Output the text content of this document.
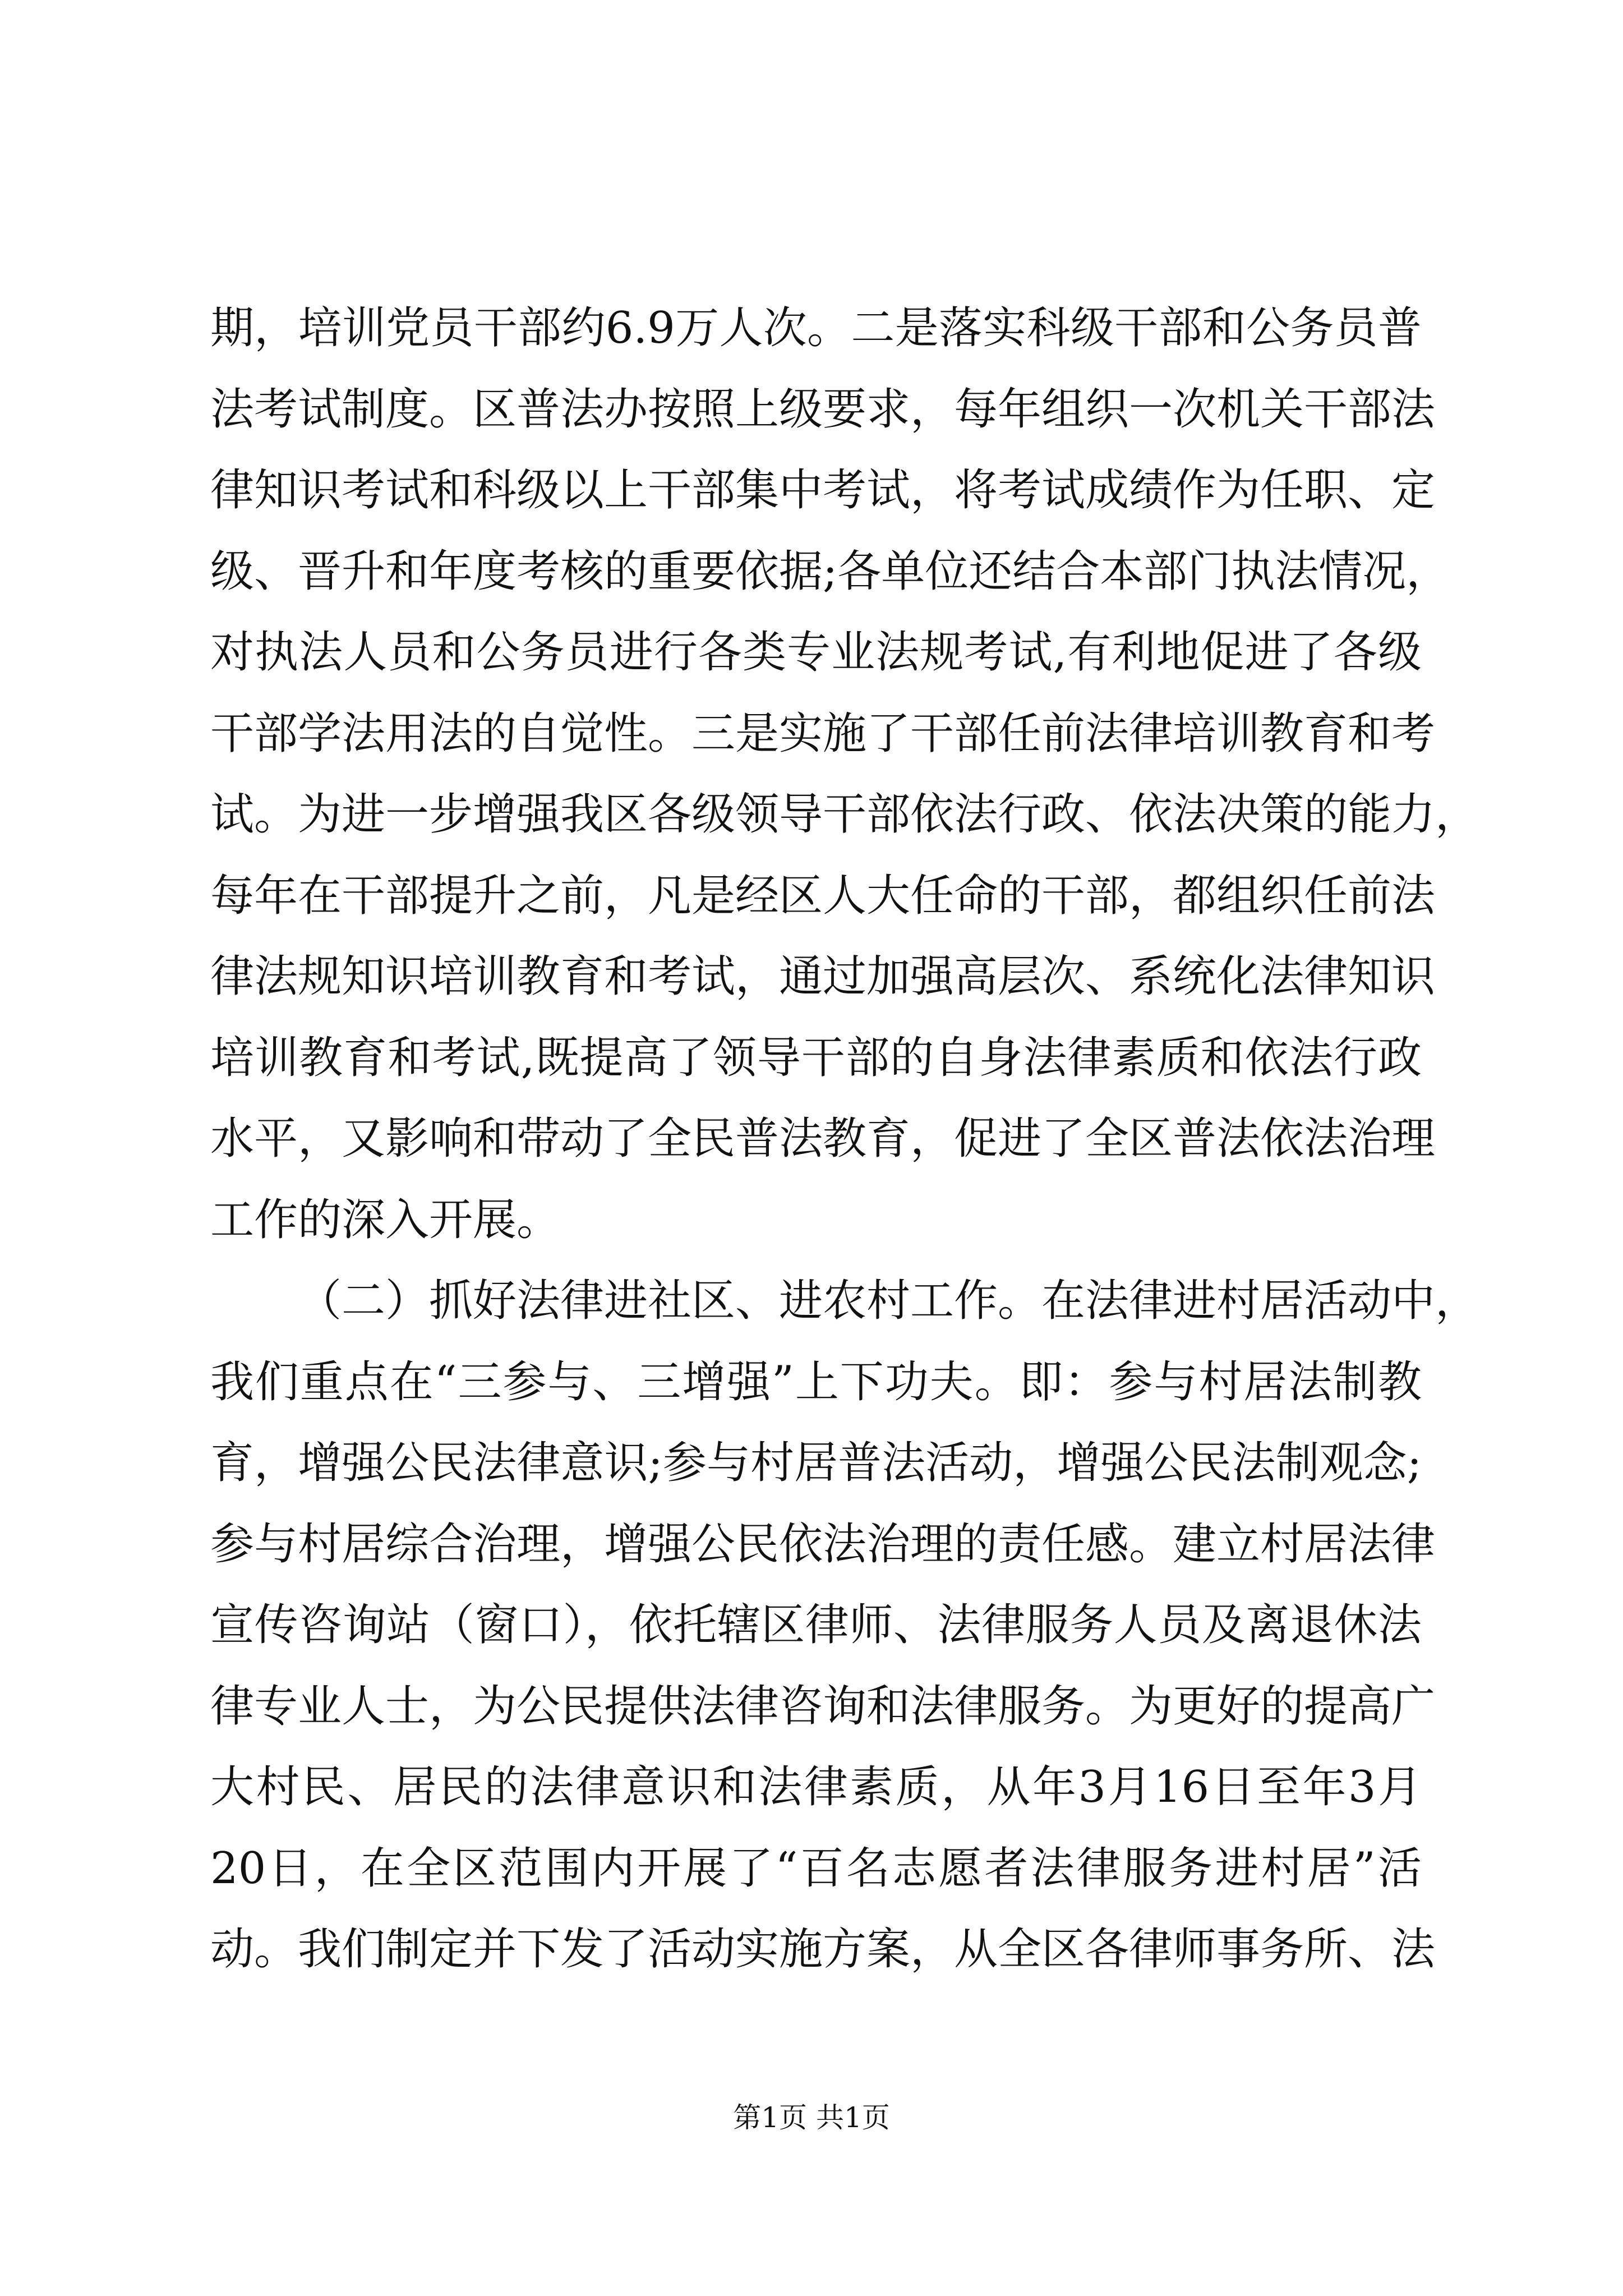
期，培训党员干部约6.9万人次。二是落实科级干部和公务员普
法考试制度。区普法办按照上级要求，每年组织一次机关干部法
律知识考试和科级以上干部集中考试，将考试成绩作为任职、定
级、晋升和年度考核的重要依据;各单位还结合本部门执法情况，
对执法人员和公务员进行各类专业法规考试,有利地促进了各级
干部学法用法的自觉性。三是实施了干部任前法律培训教育和考
试。为进一步增强我区各级领导干部依法行政、依法决策的能力，
每年在干部提升之前，凡是经区人大任命的干部，都组织任前法
律法规知识培训教育和考试，通过加强高层次、系统化法律知识
培训教育和考试,既提高了领导干部的自身法律素质和依法行政
水平，又影响和带动了全民普法教育，促进了全区普法依法治理
工作的深入开展。
（二）抓好法律进社区、进农村工作。在法律进村居活动中，
我们重点在“三参与、三增强”上下功夫。即：参与村居法制教
育，增强公民法律意识;参与村居普法活动，增强公民法制观念;
参与村居综合治理，增强公民依法治理的责任感。建立村居法律
宣传咨询站（窗口），依托辖区律师、法律服务人员及离退休法
律专业人士，为公民提供法律咨询和法律服务。为更好的提高广
大村民、居民的法律意识和法律素质，从年3月16日至年3月
20日，在全区范围内开展了“百名志愿者法律服务进村居”活
动。我们制定并下发了活动实施方案，从全区各律师事务所、法
第1页 共1页
